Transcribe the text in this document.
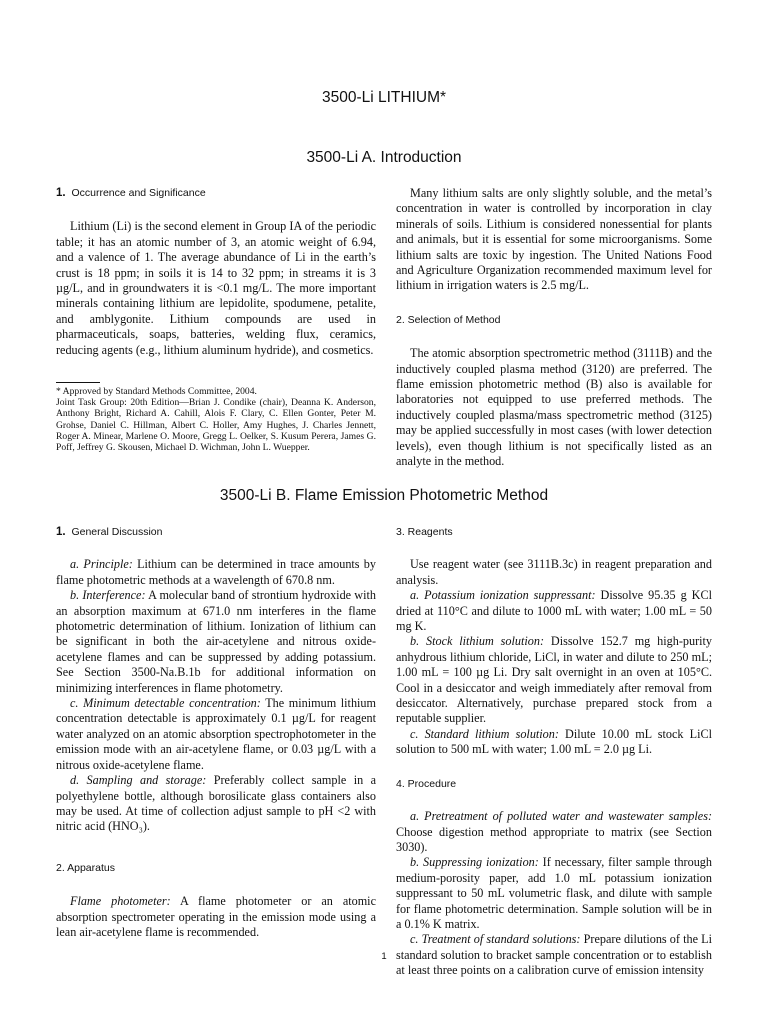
3500-Li LITHIUM*
3500-Li A. Introduction
1. Occurrence and Significance

Lithium (Li) is the second element in Group IA of the periodic table; it has an atomic number of 3, an atomic weight of 6.94, and a valence of 1. The average abundance of Li in the earth’s crust is 18 ppm; in soils it is 14 to 32 ppm; in streams it is 3 µg/L, and in groundwaters it is <0.1 mg/L. The more important minerals containing lithium are lepidolite, spodumene, petalite, and amblygonite. Lithium compounds are used in pharmaceuticals, soaps, batteries, welding flux, ceramics, reducing agents (e.g., lithium aluminum hydride), and cosmetics.

* Approved by Standard Methods Committee, 2004.

Joint Task Group: 20th Edition—Brian J. Condike (chair), Deanna K. Anderson, Anthony Bright, Richard A. Cahill, Alois F. Clary, C. Ellen Gonter, Peter M. Grohse, Daniel C. Hillman, Albert C. Holler, Amy Hughes, J. Charles Jennett, Roger A. Minear, Marlene O. Moore, Gregg L. Oelker, S. Kusum Perera, James G. Poff, Jeffrey G. Skousen, Michael D. Wichman, John L. Wuepper.

Many lithium salts are only slightly soluble, and the metal’s concentration in water is controlled by incorporation in clay minerals of soils. Lithium is considered nonessential for plants and animals, but it is essential for some microorganisms. Some lithium salts are toxic by ingestion. The United Nations Food and Agriculture Organization recommended maximum level for lithium in irrigation waters is 2.5 mg/L.

2. Selection of Method

The atomic absorption spectrometric method (3111B) and the inductively coupled plasma method (3120) are preferred. The flame emission photometric method (B) also is available for laboratories not equipped to use preferred methods. The inductively coupled plasma/mass spectrometric method (3125) may be applied successfully in most cases (with lower detection levels), even though lithium is not specifically listed as an analyte in the method.

3500-Li B. Flame Emission Photometric Method
1. General Discussion

a. Principle: Lithium can be determined in trace amounts by flame photometric methods at a wavelength of 670.8 nm.

b. Interference: A molecular band of strontium hydroxide with an absorption maximum at 671.0 nm interferes in the flame photometric determination of lithium. Ionization of lithium can be significant in both the air-acetylene and nitrous oxide-acetylene flames and can be suppressed by adding potassium. See Section 3500-Na.B.1b for additional information on minimizing interferences in flame photometry.

c. Minimum detectable concentration: The minimum lithium concentration detectable is approximately 0.1 µg/L for reagent water analyzed on an atomic absorption spectrophotometer in the emission mode with an air-acetylene flame, or 0.03 µg/L with a nitrous oxide-acetylene flame.

d. Sampling and storage: Preferably collect sample in a polyethylene bottle, although borosilicate glass containers also may be used. At time of collection adjust sample to pH <2 with nitric acid (HNO₃).

2. Apparatus

Flame photometer: A flame photometer or an atomic absorption spectrometer operating in the emission mode using a lean air-acetylene flame is recommended.

3. Reagents

Use reagent water (see 3111B.3c) in reagent preparation and analysis.

a. Potassium ionization suppressant: Dissolve 95.35 g KCl dried at 110°C and dilute to 1000 mL with water; 1.00 mL = 50 mg K.

b. Stock lithium solution: Dissolve 152.7 mg high-purity anhydrous lithium chloride, LiCl, in water and dilute to 250 mL; 1.00 mL = 100 µg Li. Dry salt overnight in an oven at 105°C. Cool in a desiccator and weigh immediately after removal from desiccator. Alternatively, purchase prepared stock from a reputable supplier.

c. Standard lithium solution: Dilute 10.00 mL stock LiCl solution to 500 mL with water; 1.00 mL = 2.0 µg Li.

4. Procedure

a. Pretreatment of polluted water and wastewater samples: Choose digestion method appropriate to matrix (see Section 3030).

b. Suppressing ionization: If necessary, filter sample through medium-porosity paper, add 1.0 mL potassium ionization suppressant to 50 mL volumetric flask, and dilute with sample for flame photometric determination. Sample solution will be in a 0.1% K matrix.

c. Treatment of standard solutions: Prepare dilutions of the Li standard solution to bracket sample concentration or to establish at least three points on a calibration curve of emission intensity

1
